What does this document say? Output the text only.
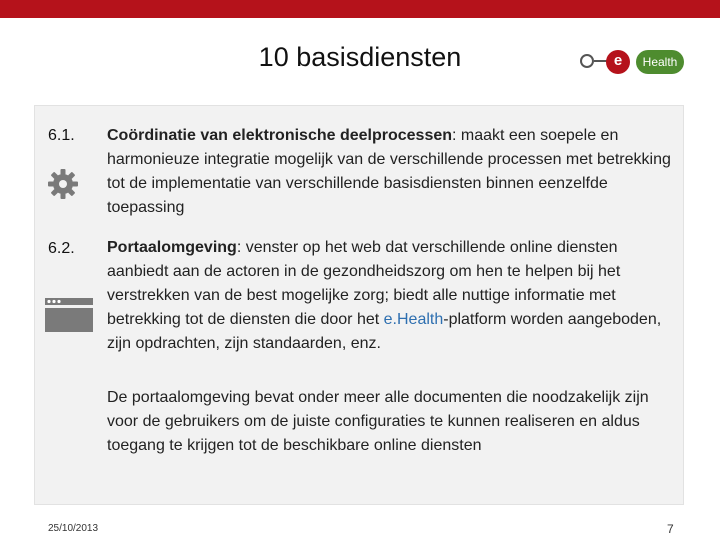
10 basisdiensten	e	Health
6.1. Coördinatie van elektronische deelprocessen: maakt een soepele en harmonieuze integratie mogelijk van de verschillende processen met betrekking tot de implementatie van verschillende basisdiensten binnen eenzelfde toepassing
6.2. Portaalomgeving: venster op het web dat verschillende online diensten aanbiedt aan de actoren in de gezondheidszorg om hen te helpen bij het verstrekken van de best mogelijke zorg; biedt alle nuttige informatie met betrekking tot de diensten die door het e.Health-platform worden aangeboden, zijn opdrachten, zijn standaarden, enz.
De portaalomgeving bevat onder meer alle documenten die noodzakelijk zijn voor de gebruikers om de juiste configuraties te kunnen realiseren en aldus toegang te krijgen tot de beschikbare online diensten
25/10/2013	7
